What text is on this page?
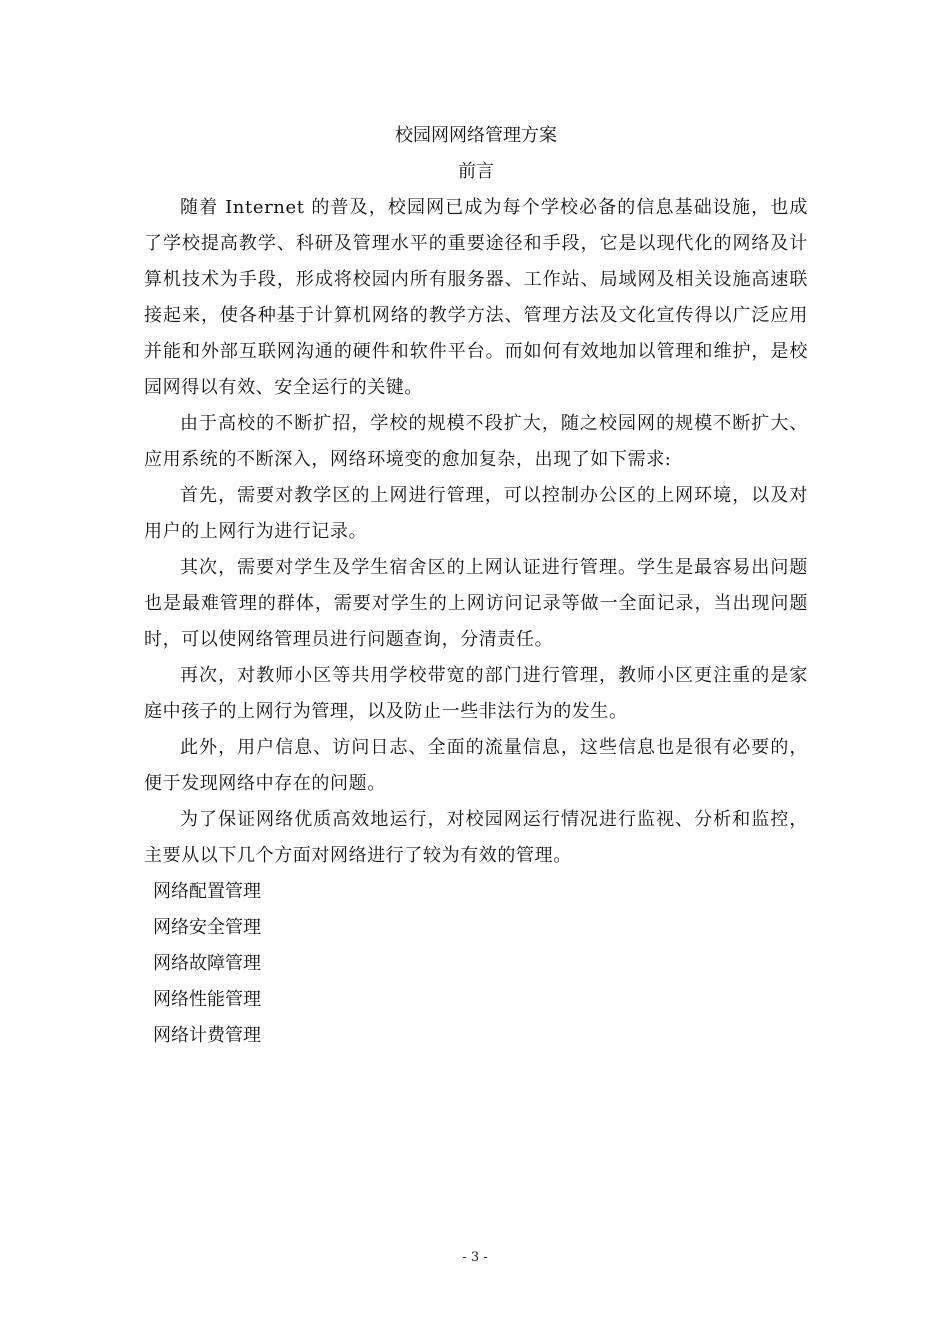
校园网网络管理方案
前言

随着 Internet 的普及，校园网已成为每个学校必备的信息基础设施，也成了学校提高教学、科研及管理水平的重要途径和手段，它是以现代化的网络及计算机技术为手段，形成将校园内所有服务器、工作站、局域网及相关设施高速联接起来，使各种基于计算机网络的教学方法、管理方法及文化宣传得以广泛应用并能和外部互联网沟通的硬件和软件平台。而如何有效地加以管理和维护，是校园网得以有效、安全运行的关键。

由于高校的不断扩招，学校的规模不段扩大，随之校园网的规模不断扩大、应用系统的不断深入，网络环境变的愈加复杂，出现了如下需求:

首先，需要对教学区的上网进行管理，可以控制办公区的上网环境，以及对用户的上网行为进行记录。

其次，需要对学生及学生宿舍区的上网认证进行管理。学生是最容易出问题也是最难管理的群体，需要对学生的上网访问记录等做一全面记录，当出现问题时，可以使网络管理员进行问题查询，分清责任。

再次，对教师小区等共用学校带宽的部门进行管理，教师小区更注重的是家庭中孩子的上网行为管理，以及防止一些非法行为的发生。

此外，用户信息、访问日志、全面的流量信息，这些信息也是很有必要的，便于发现网络中存在的问题。

为了保证网络优质高效地运行，对校园网运行情况进行监视、分析和监控，主要从以下几个方面对网络进行了较为有效的管理。

网络配置管理
网络安全管理
网络故障管理
网络性能管理
网络计费管理
- 3 -
